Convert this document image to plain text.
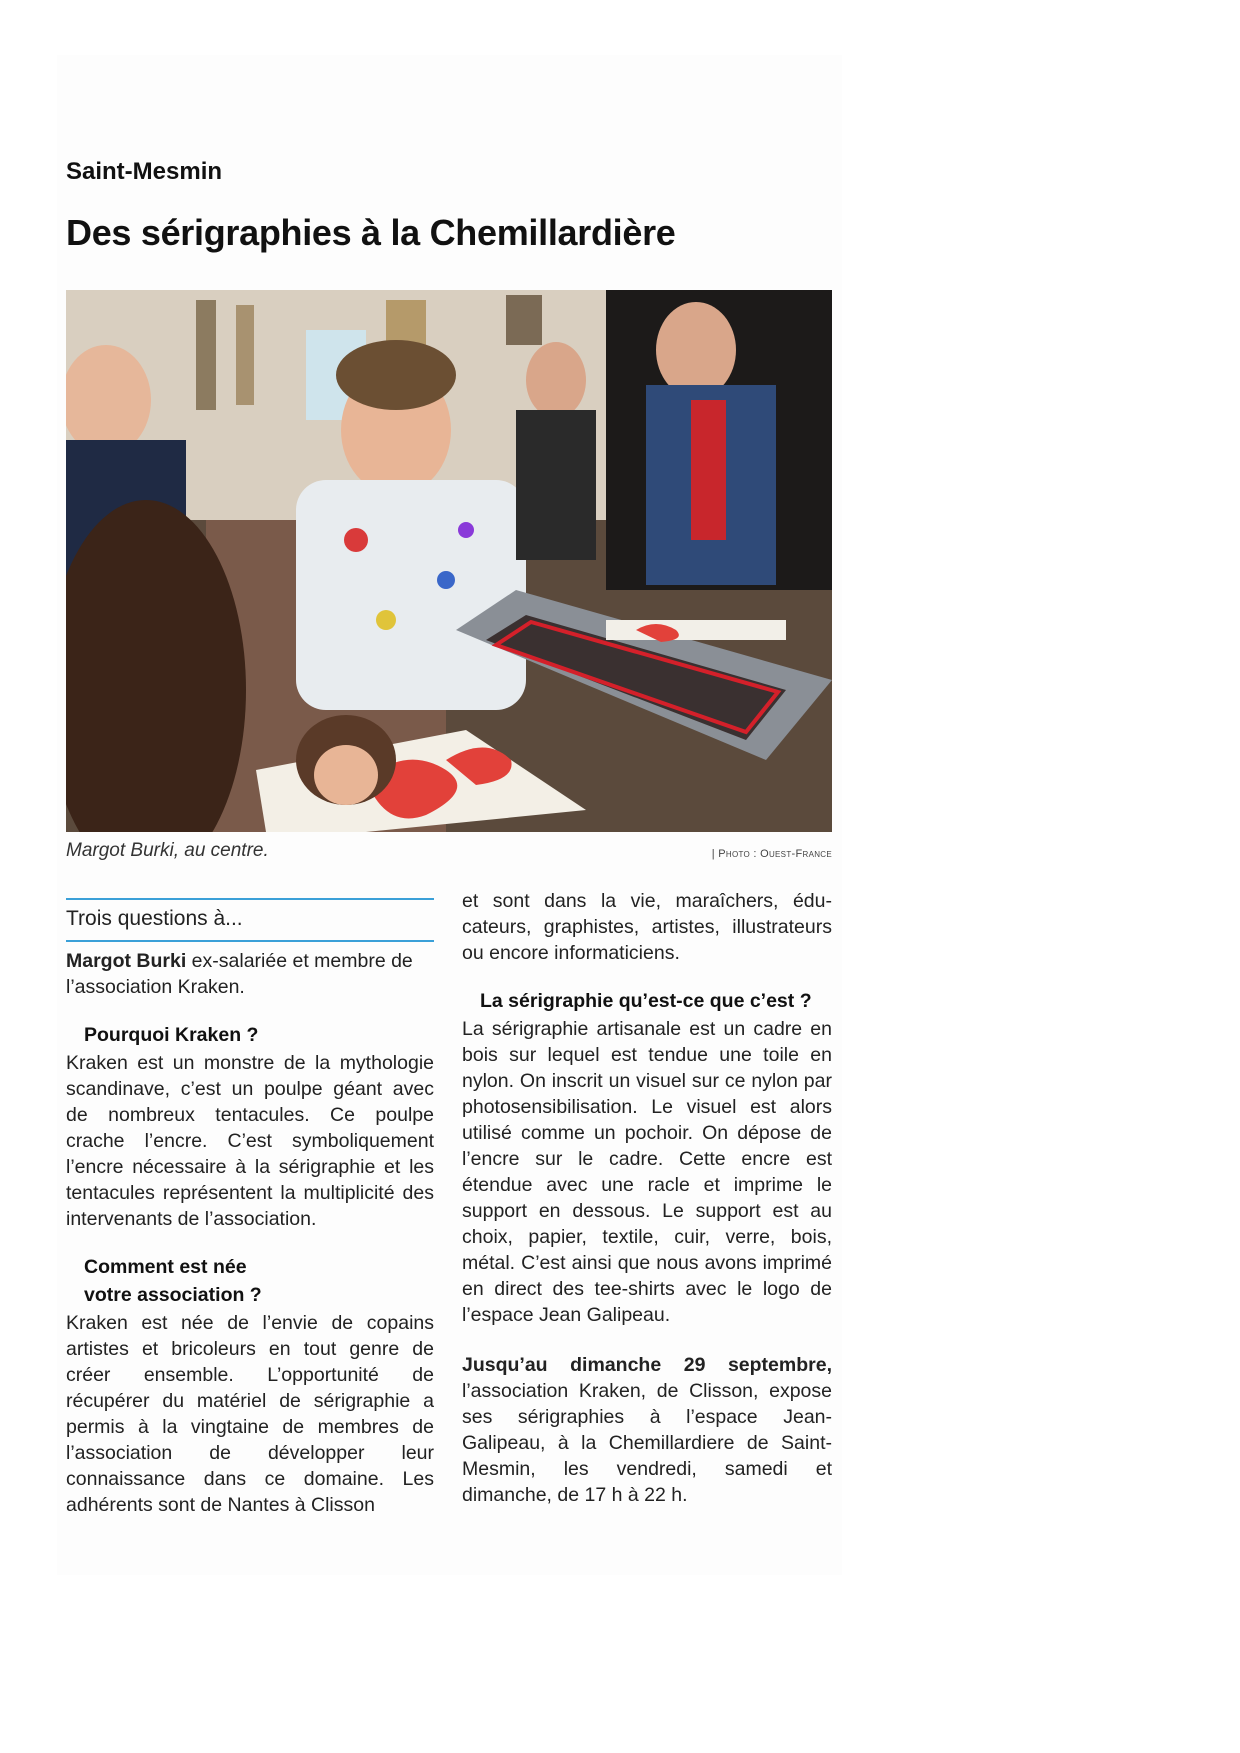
Saint-Mesmin
Des sérigraphies à la Chemillardière
Margot Burki, au centre.	| Photo : Ouest-France
Trois questions à...

Margot Burki ex-salariée et membre de l’association Kraken.

Pourquoi Kraken ?

Kraken est un monstre de la mythologie scandinave, c’est un poulpe géant avec de nombreux tentacules. Ce poulpe crache l’encre. C’est symboliquement l’encre nécessaire à la sérigraphie et les tentacules représentent la multiplicité des intervenants de l’association.

Comment est née
votre association ?

Kraken est née de l’envie de copains artistes et bricoleurs en tout genre de créer ensemble. L’opportunité de récupérer du matériel de sérigraphie a permis à la vingtaine de membres de l’association de développer leur connaissance dans ce domaine. Les adhérents sont de Nantes à Clisson

et sont dans la vie, maraîchers, éducateurs, graphistes, artistes, illustrateurs ou encore informaticiens.

La sérigraphie qu’est-ce que c’est ?

La sérigraphie artisanale est un cadre en bois sur lequel est tendue une toile en nylon. On inscrit un visuel sur ce nylon par photosensibilisation. Le visuel est alors utilisé comme un pochoir. On dépose de l’encre sur le cadre. Cette encre est étendue avec une racle et imprime le support en dessous. Le support est au choix, papier, textile, cuir, verre, bois, métal. C’est ainsi que nous avons imprimé en direct des tee-shirts avec le logo de l’espace Jean Galipeau.

Jusqu’au dimanche 29 septembre, l’association Kraken, de Clisson, expose ses sérigraphies à l’espace Jean-Galipeau, à la Chemillardiere de Saint-Mesmin, les vendredi, samedi et dimanche, de 17 h à 22 h.
